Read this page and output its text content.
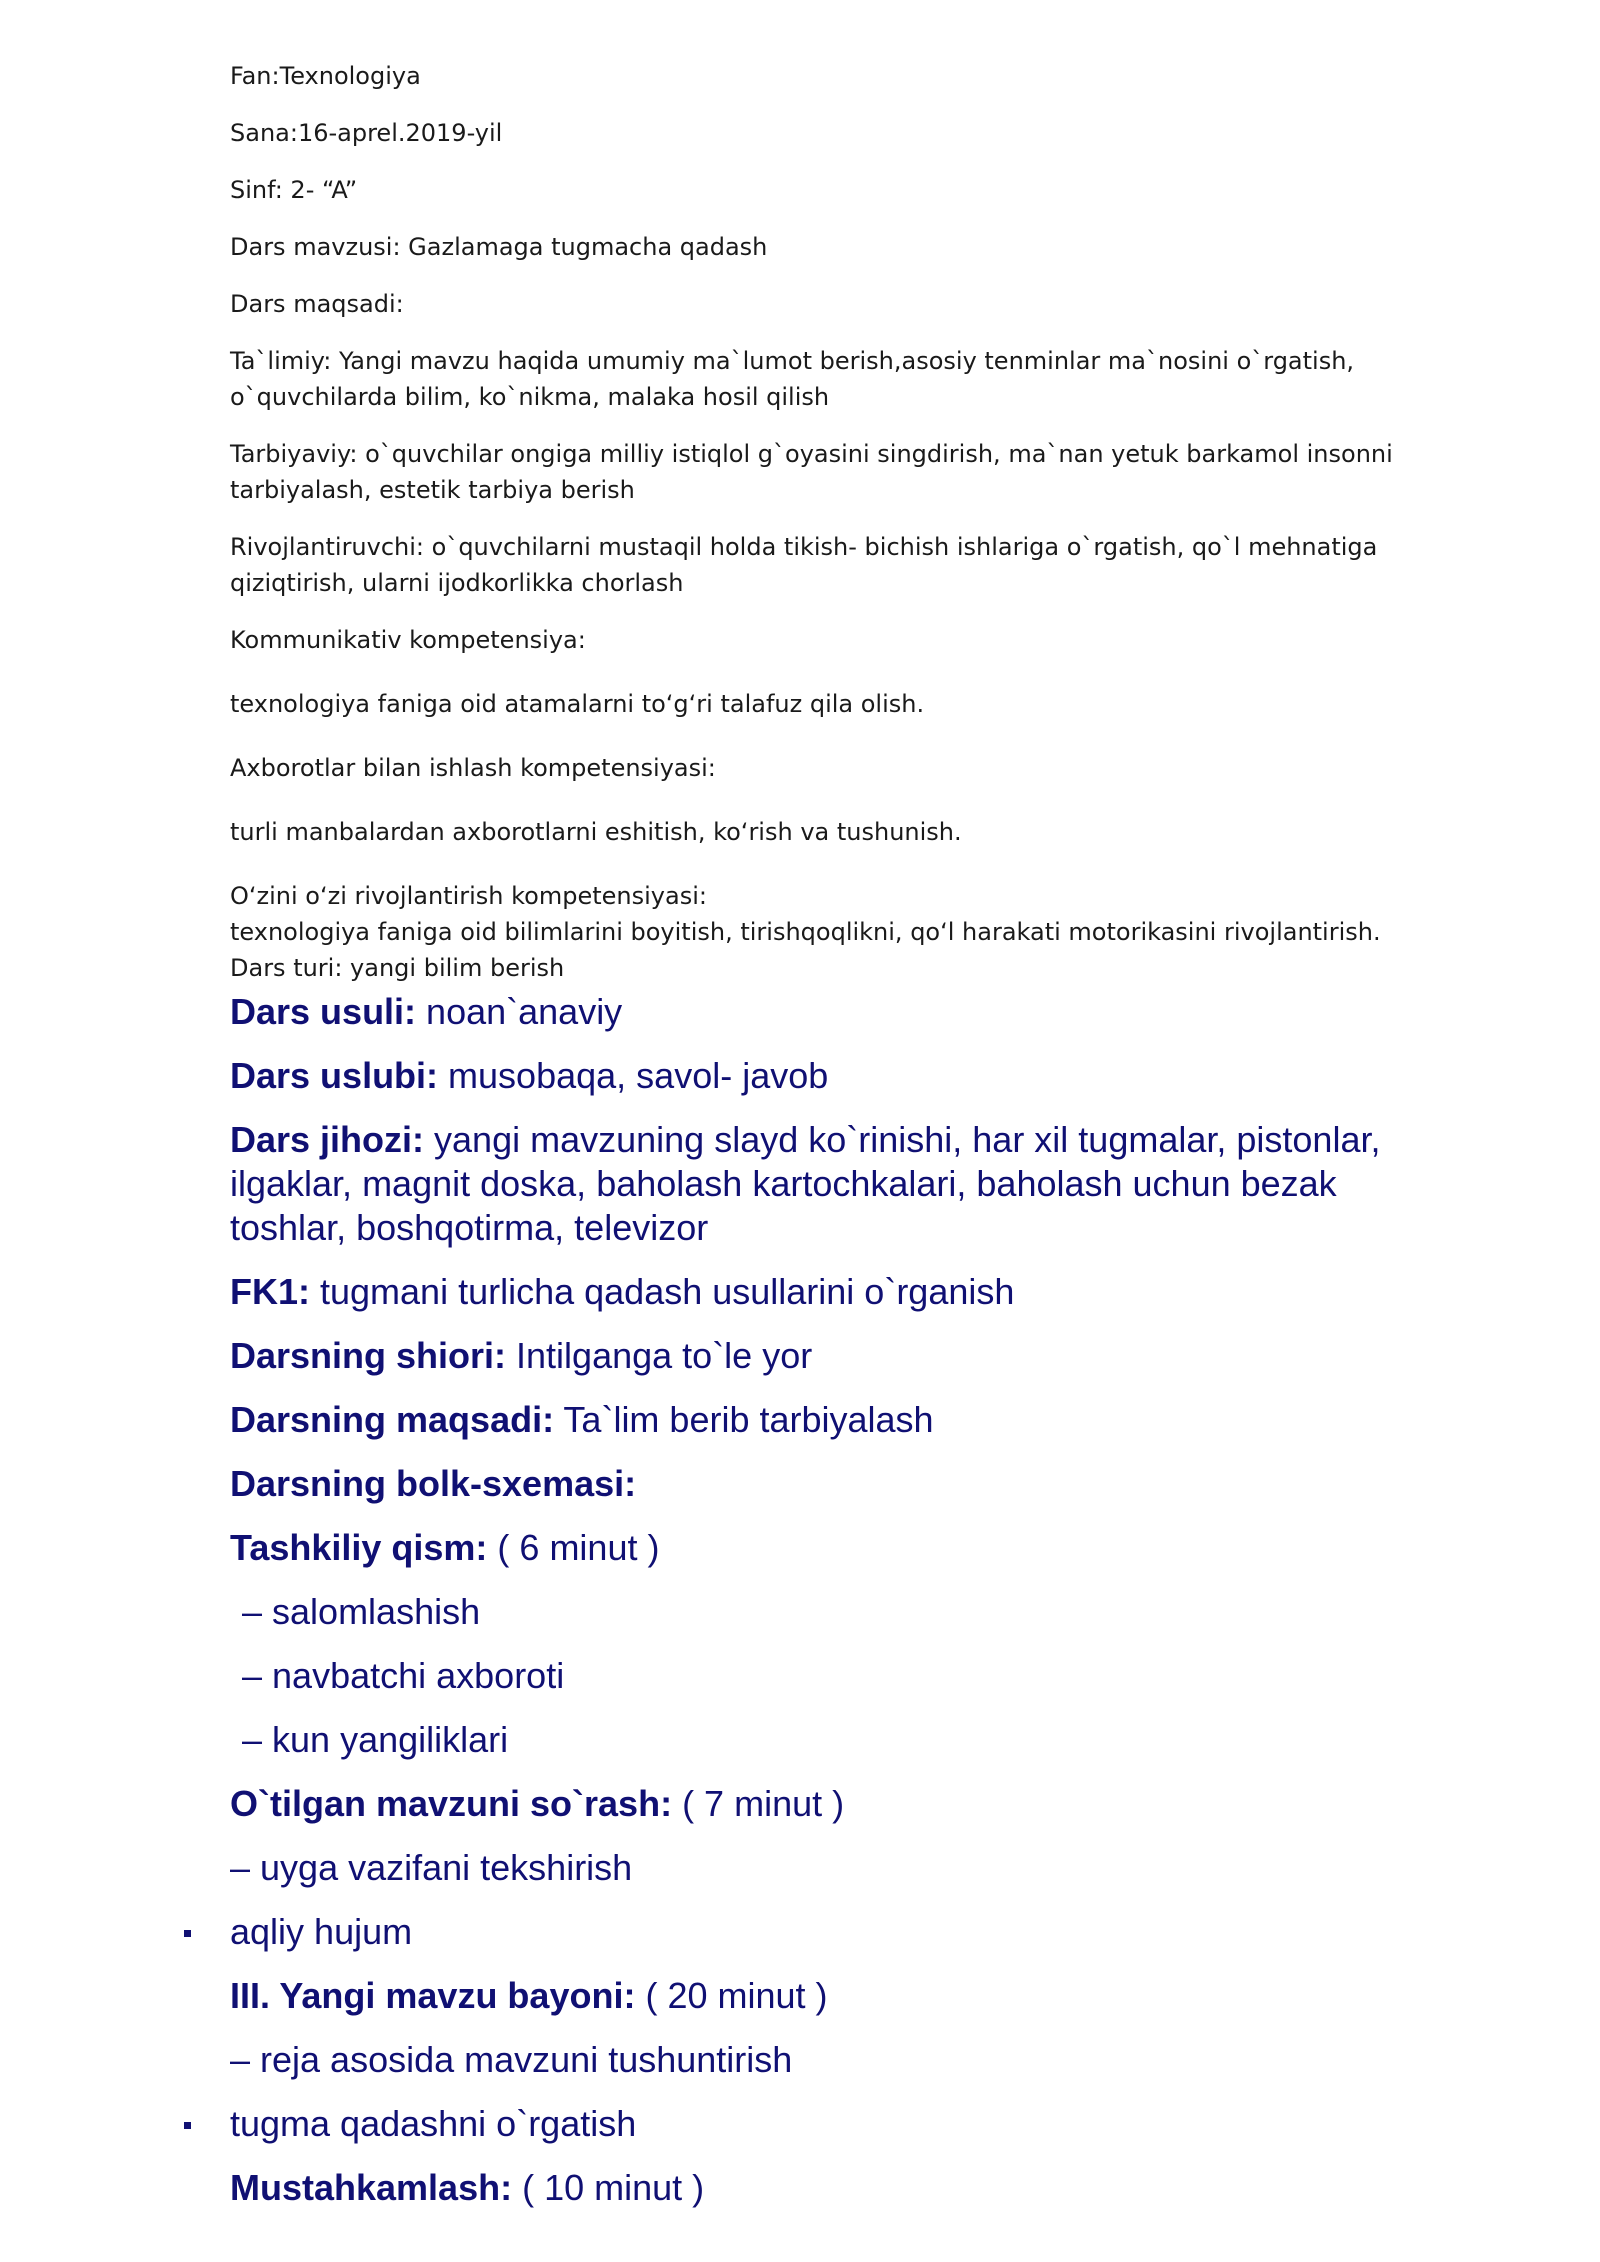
Fan:Texnologiya

Sana:16-aprel.2019-yil

Sinf: 2- “A”

Dars mavzusi: Gazlamaga tugmacha qadash

Dars maqsadi:

Ta`limiy: Yangi mavzu haqida umumiy ma`lumot berish,asosiy tenminlar ma`nosini o`rgatish,

o`quvchilarda bilim, ko`nikma, malaka hosil qilish

Tarbiyaviy: o`quvchilar ongiga milliy istiqlol g`oyasini singdirish, ma`nan yetuk barkamol insonni

tarbiyalash, estetik tarbiya berish

Rivojlantiruvchi: o`quvchilarni mustaqil holda tikish- bichish ishlariga o`rgatish, qo`l mehnatiga

qiziqtirish, ularni ijodkorlikka chorlash

Kommunikativ kompetensiya:

texnologiya faniga oid atamalarni to‘g‘ri talafuz qila olish.

Axborotlar bilan ishlash kompetensiyasi:

turli manbalardan axborotlarni eshitish, ko‘rish va tushunish.

O‘zini o‘zi rivojlantirish kompetensiyasi:

texnologiya faniga oid bilimlarini boyitish, tirishqoqlikni, qo‘l harakati motorikasini rivojlantirish.

Dars turi: yangi bilim berish

Dars usuli: noan`anaviy

Dars uslubi: musobaqa, savol- javob

Dars jihozi: yangi mavzuning slayd ko`rinishi, har xil tugmalar, pistonlar,
ilgaklar, magnit doska, baholash kartochkalari, baholash uchun bezak
toshlar, boshqotirma, televizor

FK1: tugmani turlicha qadash usullarini o`rganish

Darsning shiori: Intilganga to`le yor

Darsning maqsadi: Ta`lim berib tarbiyalash

Darsning bolk-sxemasi:

Tashkiliy qism: ( 6 minut )

– salomlashish

– navbatchi axboroti

– kun yangiliklari

O`tilgan mavzuni so`rash: ( 7 minut )

– uyga vazifani tekshirish

aqliy hujum

III. Yangi mavzu bayoni: ( 20 minut )

– reja asosida mavzuni tushuntirish

tugma qadashni o`rgatish

Mustahkamlash: ( 10 minut )
